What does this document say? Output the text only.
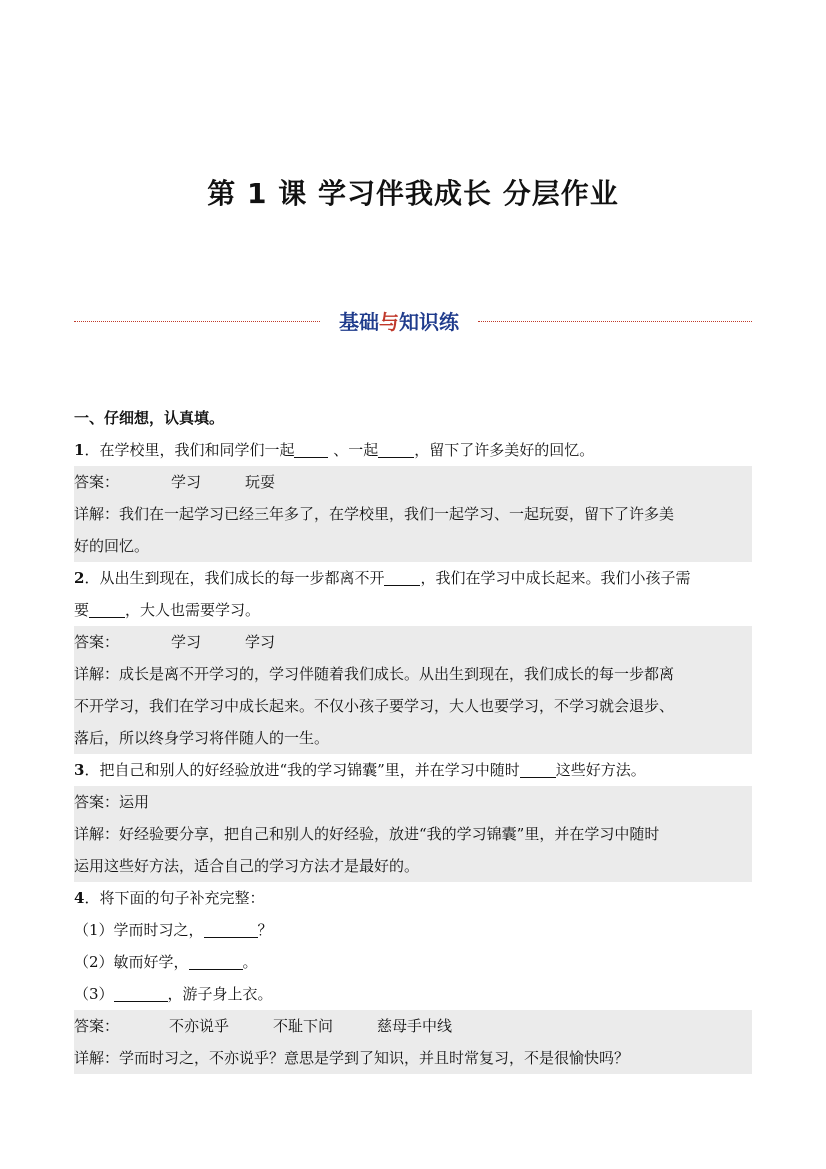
第 1 课 学习伴我成长 分层作业
基础与知识练
一、仔细想，认真填。
1．在学校里，我们和同学们一起 、一起 ，留下了许多美好的回忆。
答案：	学习	玩耍
详解：我们在一起学习已经三年多了，在学校里，我们一起学习、一起玩耍，留下了许多美
好的回忆。
2．从出生到现在，我们成长的每一步都离不开 ，我们在学习中成长起来。我们小孩子需
要 ，大人也需要学习。
答案：	学习	学习
详解：成长是离不开学习的，学习伴随着我们成长。从出生到现在，我们成长的每一步都离
不开学习，我们在学习中成长起来。不仅小孩子要学习，大人也要学习，不学习就会退步、
落后，所以终身学习将伴随人的一生。
3．把自己和别人的好经验放进“我的学习锦囊”里，并在学习中随时 这些好方法。
答案：运用
详解：好经验要分享，把自己和别人的好经验，放进“我的学习锦囊”里，并在学习中随时
运用这些好方法，适合自己的学习方法才是最好的。
4．将下面的句子补充完整：
（1）学而时习之，	？
（2）敏而好学，	。
（3）	，游子身上衣。
答案：	不亦说乎	不耻下问	慈母手中线
详解：学而时习之，不亦说乎？意思是学到了知识，并且时常复习，不是很愉快吗？
